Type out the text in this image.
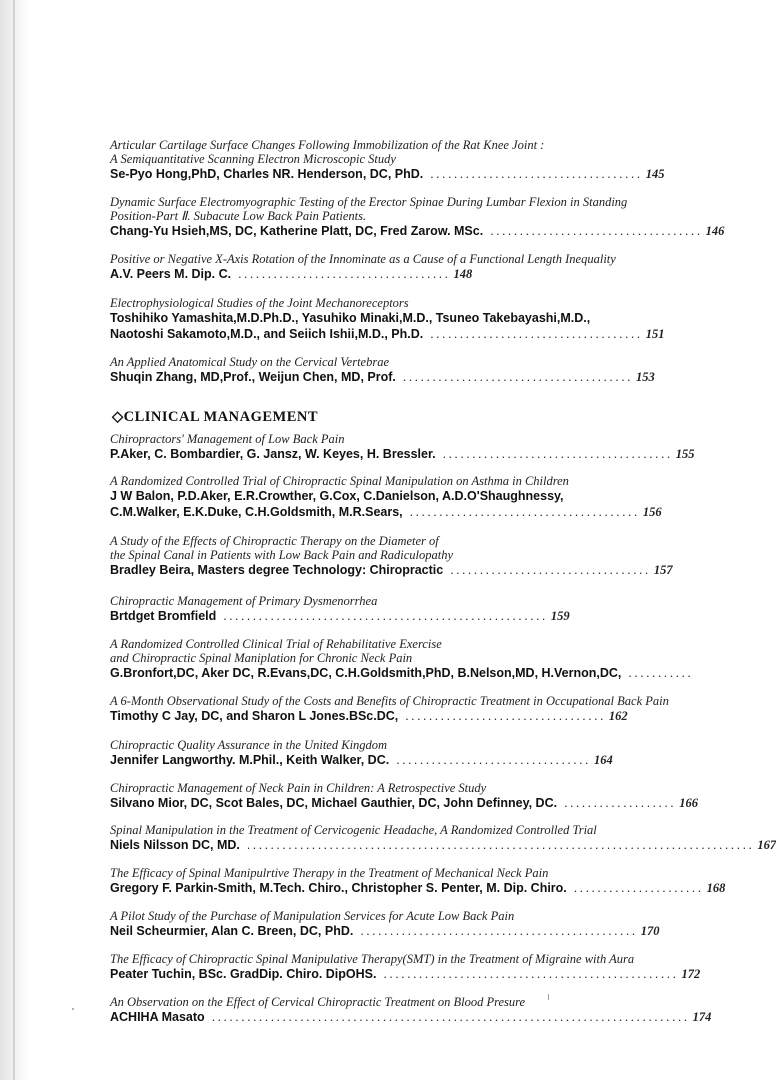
Articular Cartilage Surface Changes Following Immobilization of the Rat Knee Joint :
A Semiquantitative Scanning Electron Microscopic Study
Se-Pyo Hong,PhD, Charles NR. Henderson, DC, PhD. .................................... 145
Dynamic Surface Electromyographic Testing of the Erector Spinae During Lumbar Flexion in Standing
Position-Part Ⅱ. Subacute Low Back Pain Patients.
Chang-Yu Hsieh,MS, DC, Katherine Platt, DC, Fred Zarow. MSc. .................................... 146
Positive or Negative X-Axis Rotation of the Innominate as a Cause of a Functional Length Inequality
A.V. Peers M. Dip. C. .................................... 148
Electrophysiological Studies of the Joint Mechanoreceptors
Toshihiko Yamashita,M.D.Ph.D., Yasuhiko Minaki,M.D., Tsuneo Takebayashi,M.D.,
Naotoshi Sakamoto,M.D., and Seiich Ishii,M.D., Ph.D. .................................... 151
An Applied Anatomical Study on the Cervical Vertebrae
Shuqin Zhang, MD,Prof., Weijun Chen, MD, Prof. ....................................... 153
◇CLINICAL MANAGEMENT
Chiropractors' Management of Low Back Pain
P.Aker, C. Bombardier, G. Jansz, W. Keyes, H. Bressler. ....................................... 155
A Randomized Controlled Trial of Chiropractic Spinal Manipulation on Asthma in Children
J W Balon, P.D.Aker, E.R.Crowther, G.Cox, C.Danielson, A.D.O'Shaughnessy,
C.M.Walker, E.K.Duke, C.H.Goldsmith, M.R.Sears, ....................................... 156
A Study of the Effects of Chiropractic Therapy on the Diameter of
the Spinal Canal in Patients with Low Back Pain and Radiculopathy
Bradley Beira, Masters degree Technology: Chiropractic .................................. 157
Chiropractic Management of Primary Dysmenorrhea
Brtdget Bromfield ....................................................... 159
A Randomized Controlled Clinical Trial of Rehabilitative Exercise
and Chiropractic Spinal Maniplation for Chronic Neck Pain
G.Bronfort,DC, Aker DC, R.Evans,DC, C.H.Goldsmith,PhD, B.Nelson,MD, H.Vernon,DC, ...........
A 6-Month Observational Study of the Costs and Benefits of Chiropractic Treatment in Occupational Back Pain
Timothy C Jay, DC, and Sharon L Jones.BSc.DC, .................................. 162
Chiropractic Quality Assurance in the United Kingdom
Jennifer Langworthy. M.Phil., Keith Walker, DC. ................................. 164
Chiropractic Management of Neck Pain in Children: A Retrospective Study
Silvano Mior, DC, Scot Bales, DC, Michael Gauthier, DC, John Definney, DC. ................... 166
Spinal Manipulation in the Treatment of Cervicogenic Headache, A Randomized Controlled Trial
Niels Nilsson DC, MD. ...................................................................................... 167
The Efficacy of Spinal Manipulrtive Therapy in the Treatment of Mechanical Neck Pain
Gregory F. Parkin-Smith, M.Tech. Chiro., Christopher S. Penter, M. Dip. Chiro. ...................... 168
A Pilot Study of the Purchase of Manipulation Services for Acute Low Back Pain
Neil Scheurmier, Alan C. Breen, DC, PhD. ............................................... 170
The Efficacy of Chiropractic Spinal Manipulative Therapy(SMT) in the Treatment of Migraine with Aura
Peater Tuchin, BSc. GradDip. Chiro. DipOHS. .................................................. 172
An Observation on the Effect of Cervical Chiropractic Treatment on Blood Presure
ACHIHA Masato ................................................................................. 174
